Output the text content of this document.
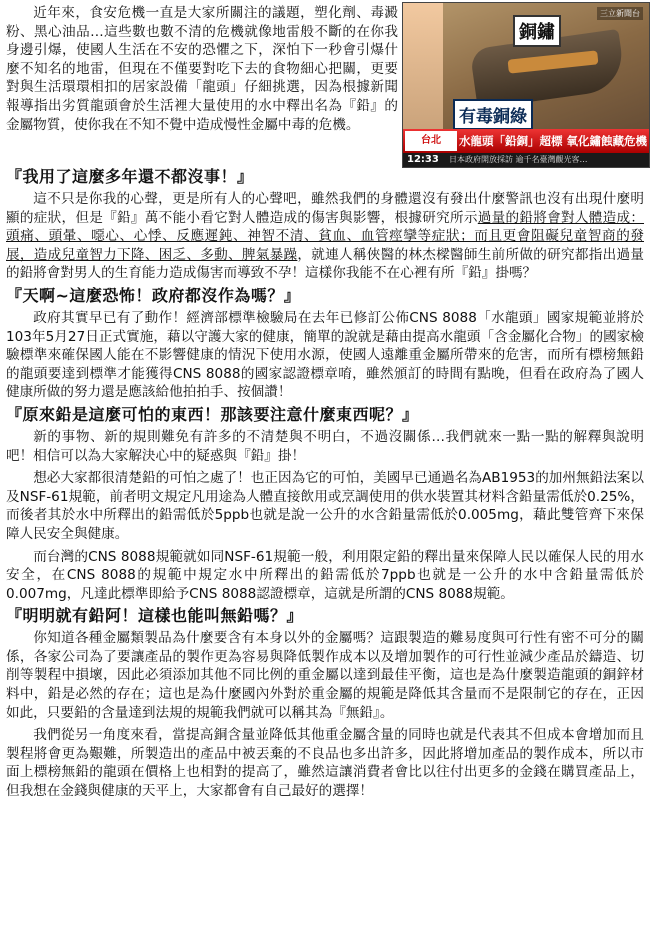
近年來，食安危機一直是大家所關注的議題，塑化劑、毒澱粉、黑心油品…這些數也數不清的危機就像地雷般不斷的在你我身邊引爆，使國人生活在不安的恐懼之下，深怕下一秒會引爆什麼不知名的地雷，但現在不僅要對吃下去的食物細心把關，更要對與生活環環相扣的居家設備「龍頭」仔細挑選，因為根據新聞報導指出劣質龍頭會於生活裡大量使用的水中釋出名為『鉛』的金屬物質，使你我在不知不覺中造成慢性金屬中毒的危機。

三立新聞台
銅鏽
有毒銅綠
台北	水龍頭「鉛銅」超標 氧化鏽蝕藏危機
12:33 日本政府開放採訪 逾千名臺灣觀光客…
『我用了這麼多年還不都沒事！』

這不只是你我的心聲，更是所有人的心聲吧，雖然我們的身體還沒有發出什麼警訊也沒有出現什麼明顯的症狀，但是『鉛』萬不能小看它對人體造成的傷害與影響，根據研究所示過量的鉛將會對人體造成：頭痛、頭暈、噁心、心悸、反應遲鈍、神智不清、貧血、血管痙攣等症狀；而且更會阻礙兒童智商的發展，造成兒童智力下降、困乏、多動、脾氣暴躁，就連人稱俠醫的林杰樑醫師生前所做的研究都指出過量的鉛將會對男人的生育能力造成傷害而導致不孕！這樣你我能不在心裡有所『鉛』掛嗎？

『天啊~這麼恐怖！政府都沒作為嗎？』

政府其實早已有了動作！經濟部標準檢驗局在去年已修訂公佈CNS 8088「水龍頭」國家規範並將於103年5月27日正式實施，藉以守護大家的健康，簡單的說就是藉由提高水龍頭「含金屬化合物」的國家檢驗標準來確保國人能在不影響健康的情況下使用水源，使國人遠離重金屬所帶來的危害，而所有標榜無鉛的龍頭要達到標準才能獲得CNS 8088的國家認證標章唷，雖然頒訂的時間有點晚，但看在政府為了國人健康所做的努力還是應該給他拍拍手、按個讚！

『原來鉛是這麼可怕的東西！那該要注意什麼東西呢？』

新的事物、新的規則難免有許多的不清楚與不明白，不過沒關係…我們就來一點一點的解釋與說明吧！相信可以為大家解決心中的疑惑與『鉛』掛！

想必大家都很清楚鉛的可怕之處了！也正因為它的可怕，美國早已通過名為AB1953的加州無鉛法案以及NSF-61規範，前者明文規定凡用途為人體直接飲用或烹調使用的供水裝置其材料含鉛量需低於0.25%，而後者其於水中所釋出的鉛需低於5ppb也就是說一公升的水含鉛量需低於0.005mg，藉此雙管齊下來保障人民安全與健康。

而台灣的CNS 8088規範就如同NSF-61規範一般，利用限定鉛的釋出量來保障人民以確保人民的用水安全，在CNS 8088的規範中規定水中所釋出的鉛需低於7ppb也就是一公升的水中含鉛量需低於0.007mg，凡達此標準即給予CNS 8088認證標章，這就是所謂的CNS 8088規範。

『明明就有鉛阿！這樣也能叫無鉛嗎？』

你知道各種金屬類製品為什麼要含有本身以外的金屬嗎？這跟製造的難易度與可行性有密不可分的關係，各家公司為了要讓產品的製作更為容易與降低製作成本以及增加製作的可行性並減少產品於鑄造、切削等製程中損壞，因此必須添加其他不同比例的重金屬以達到最佳平衡，這也是為什麼製造龍頭的銅鋅材料中，鉛是必然的存在；這也是為什麼國內外對於重金屬的規範是降低其含量而不是限制它的存在，正因如此，只要鉛的含量達到法規的規範我們就可以稱其為『無鉛』。

我們從另一角度來看，當提高銅含量並降低其他重金屬含量的同時也就是代表其不但成本會增加而且製程將會更為艱難，所製造出的產品中被丟棄的不良品也多出許多，因此將增加產品的製作成本，所以市面上標榜無鉛的龍頭在價格上也相對的提高了，雖然這讓消費者會比以往付出更多的金錢在購買產品上，但我想在金錢與健康的天平上，大家都會有自己最好的選擇！
